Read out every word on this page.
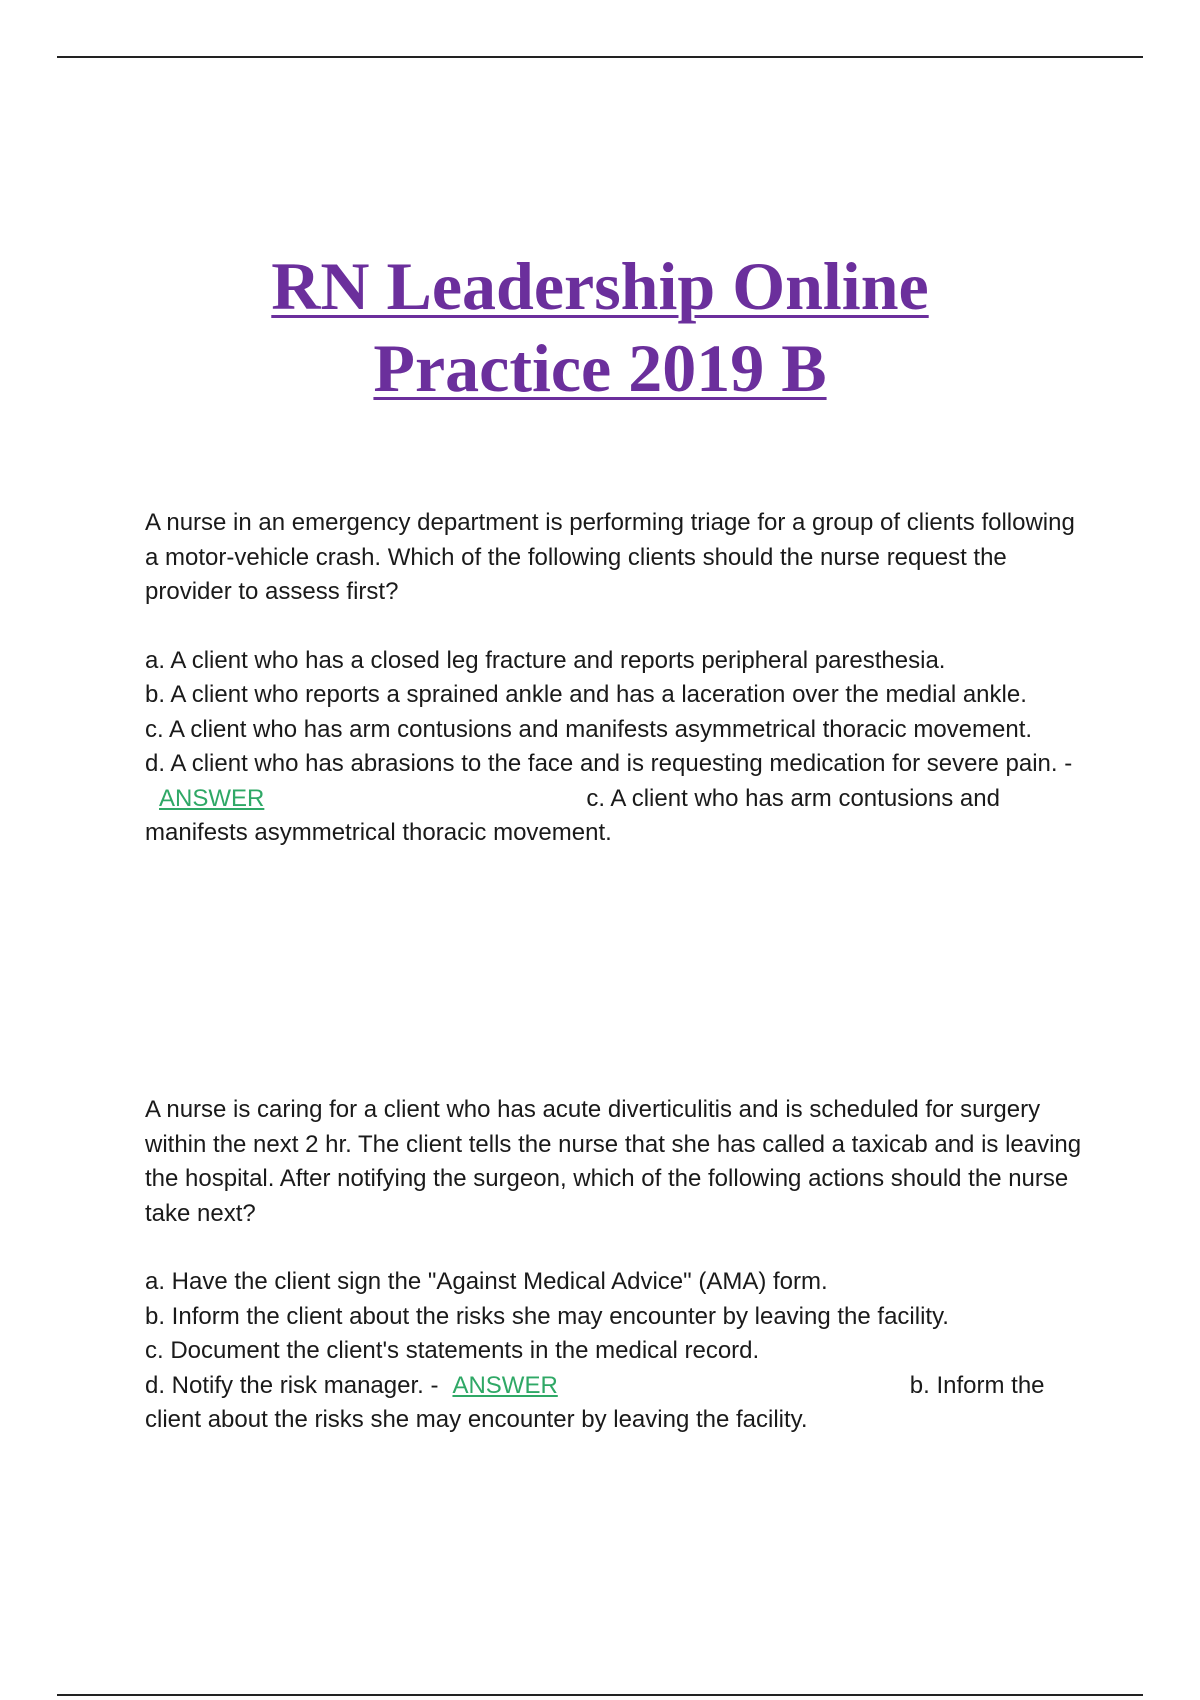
RN Leadership Online
Practice 2019 B

A nurse in an emergency department is performing triage for a group of clients following a motor-vehicle crash. Which of the following clients should the nurse request the provider to assess first?

a. A client who has a closed leg fracture and reports peripheral paresthesia.

b. A client who reports a sprained ankle and has a laceration over the medial ankle.

c. A client who has arm contusions and manifests asymmetrical thoracic movement.

d. A client who has abrasions to the face and is requesting medication for severe pain. -ANSWER	c. A client who has arm contusions and manifests asymmetrical thoracic movement.

A nurse is caring for a client who has acute diverticulitis and is scheduled for surgery within the next 2 hr. The client tells the nurse that she has called a taxicab and is leaving the hospital. After notifying the surgeon, which of the following actions should the nurse take next?

a. Have the client sign the "Against Medical Advice" (AMA) form.

b. Inform the client about the risks she may encounter by leaving the facility.

c. Document the client's statements in the medical record.

d. Notify the risk manager. - ANSWER	b. Inform the client about the risks she may encounter by leaving the facility.
